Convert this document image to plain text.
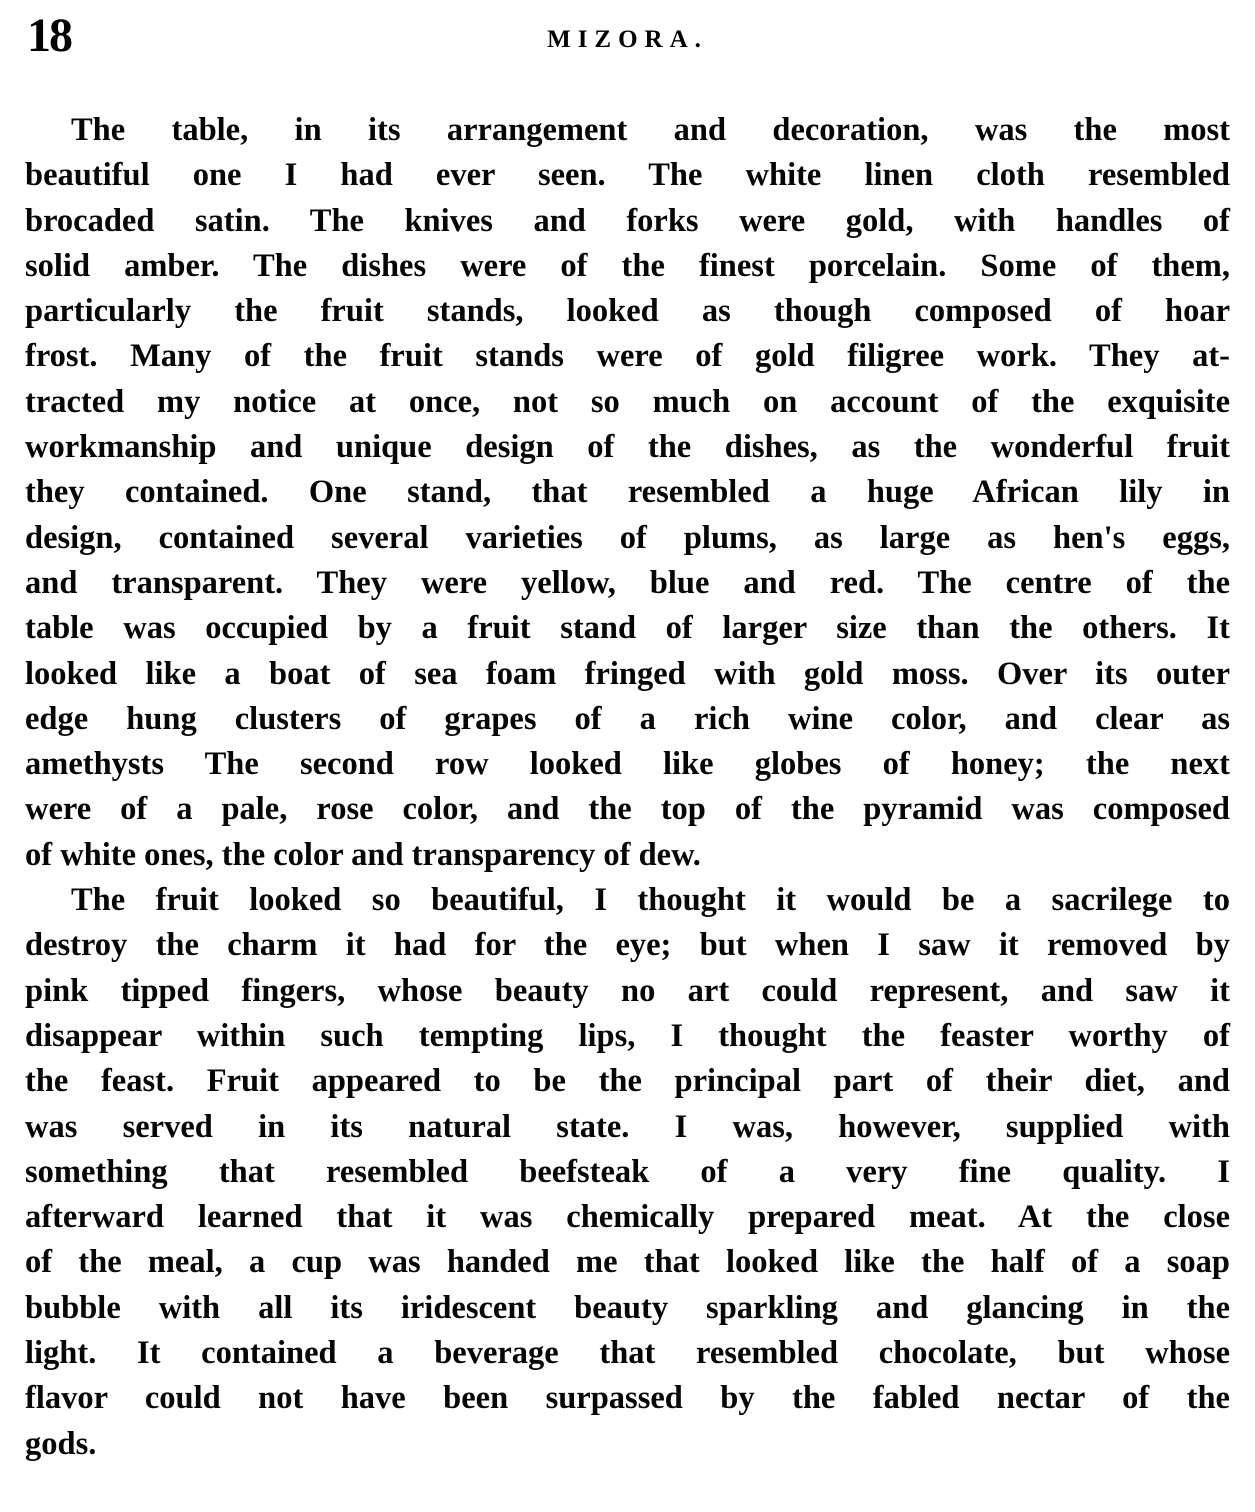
18	MIZORA.
The table, in its arrangement and decoration, was the most
beautiful one I had ever seen. The white linen cloth resembled
brocaded satin. The knives and forks were gold, with handles of
solid amber. The dishes were of the finest porcelain. Some of them,
particularly the fruit stands, looked as though composed of hoar
frost. Many of the fruit stands were of gold filigree work. They at-
tracted my notice at once, not so much on account of the exquisite
workmanship and unique design of the dishes, as the wonderful fruit
they contained. One stand, that resembled a huge African lily in
design, contained several varieties of plums, as large as hen's eggs,
and transparent. They were yellow, blue and red. The centre of the
table was occupied by a fruit stand of larger size than the others. It
looked like a boat of sea foam fringed with gold moss. Over its outer
edge hung clusters of grapes of a rich wine color, and clear as
amethysts The second row looked like globes of honey; the next
were of a pale, rose color, and the top of the pyramid was composed
of white ones, the color and transparency of dew.
The fruit looked so beautiful, I thought it would be a sacrilege to
destroy the charm it had for the eye; but when I saw it removed by
pink tipped fingers, whose beauty no art could represent, and saw it
disappear within such tempting lips, I thought the feaster worthy of
the feast. Fruit appeared to be the principal part of their diet, and
was served in its natural state. I was, however, supplied with
something that resembled beefsteak of a very fine quality. I
afterward learned that it was chemically prepared meat. At the close
of the meal, a cup was handed me that looked like the half of a soap
bubble with all its iridescent beauty sparkling and glancing in the
light. It contained a beverage that resembled chocolate, but whose
flavor could not have been surpassed by the fabled nectar of the
gods.
